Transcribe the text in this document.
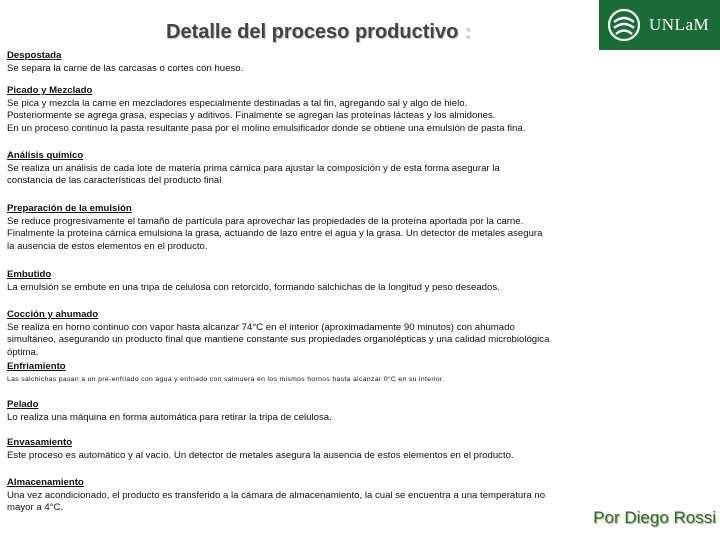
Detalle del proceso productivo :	UNLaM
Despostada
Se separa la carne de las carcasas o cortes con hueso.
Picado y Mezclado
Se pica y mezcla la carne en mezcladores especialmente destinadas a tal fin, agregando sal y algo de hielo.
Posteriormente se agrega grasa, especias y aditivos. Finalmente se agregan las proteínas lácteas y los almidones.
En un proceso continuo la pasta resultante pasa por el molino emulsificador donde se obtiene una emulsión de pasta fina.
Análisis químico
Se realiza un análisis de cada lote de materia prima cárnica para ajustar la composición y de esta forma asegurar la
constancia de las características del producto final
Preparación de la emulsión
Se reduce progresivamente el tamaño de partícula para aprovechar las propiedades de la proteína aportada por la carne.
Finalmente la proteína cárnica emulsiona la grasa, actuando de lazo entre el agua y la grasa. Un detector de metales asegura
la ausencia de estos elementos en el producto.
Embutido
La emulsión se embute en una tripa de celulosa con retorcido, formando salchichas de la longitud y peso deseados.
Cocción y ahumado
Se realiza en horno continuo con vapor hasta alcanzar 74°C en el interior (aproximadamente 90 minutos) con ahumado
simultáneo, asegurando un producto final que mantiene constante sus propiedades organolépticas y una calidad microbiológica
óptima.
Enfriamiento
Las salchichas pasan a un pre-enfriado con agua y enfriado con salmuera en los mismos hornos hasta alcanzar 0°C en su interior.
Pelado
Lo realiza una máquina en forma automática para retirar la tripa de celulosa.
Envasamiento
Este proceso es automático y al vacío. Un detector de metales asegura la ausencia de estos elementos en el producto.
Almacenamiento
Una vez acondicionado, el producto es transferido a la cámara de almacenamiento, la cual se encuentra a una temperatura no
mayor a 4°C.
Por Diego Rossi
